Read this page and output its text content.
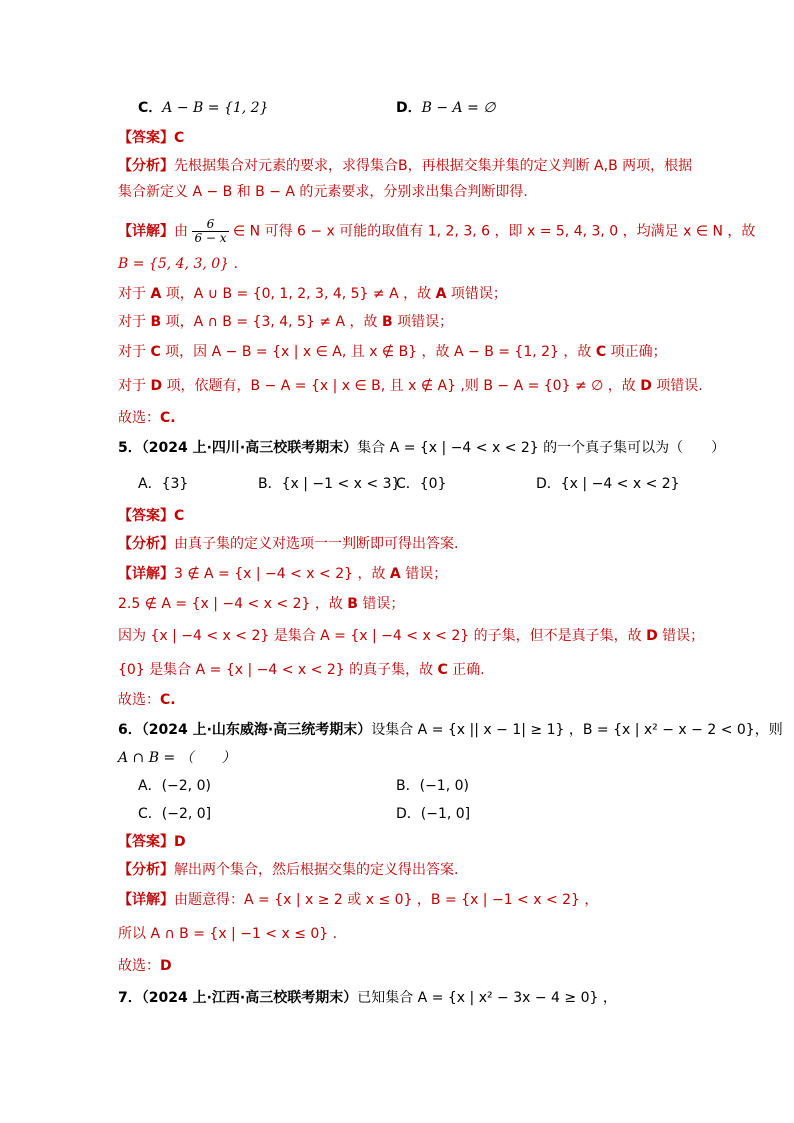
C．A − B = {1, 2}	D．B − A = ∅
【答案】C
【分析】先根据集合对元素的要求，求得集合B，再根据交集并集的定义判断 A,B 两项，根据
集合新定义 A − B 和 B − A 的元素要求，分别求出集合判断即得.
【详解】由 $\frac{6}{6 - x}$ ∈ N 可得 6 − x 可能的取值有 1, 2, 3, 6 ，即 x = 5, 4, 3, 0 ，均满足 x ∈ N ，故
B = {5, 4, 3, 0} .
对于 A 项，A ∪ B = {0, 1, 2, 3, 4, 5} ≠ A ，故 A 项错误；
对于 B 项，A ∩ B = {3, 4, 5} ≠ A ，故 B 项错误；
对于 C 项，因 A − B = {x | x ∈ A, 且 x ∉ B} ，故 A − B = {1, 2} ，故 C 项正确；
对于 D 项，依题有，B − A = {x | x ∈ B, 且 x ∉ A} ,则 B − A = {0} ≠ ∅ ，故 D 项错误.
故选：C.
5．（2024 上·四川·高三校联考期末）集合 A = {x | −4 < x < 2} 的一个真子集可以为（　　）
A．{3}	B．{x | −1 < x < 3}
C．{0}	D．{x | −4 < x < 2}
【答案】C
【分析】由真子集的定义对选项一一判断即可得出答案.
【详解】3 ∉ A = {x | −4 < x < 2} ，故 A 错误；
2.5 ∉ A = {x | −4 < x < 2} ，故 B 错误；
因为 {x | −4 < x < 2} 是集合 A = {x | −4 < x < 2} 的子集，但不是真子集，故 D 错误；
{0} 是集合 A = {x | −4 < x < 2} 的真子集，故 C 正确.
故选：C.
6．（2024 上·山东威海·高三统考期末）设集合 A = {x || x − 1| ≥ 1} ，B = {x | x² − x − 2 < 0}，则
A ∩ B = （　　）
A．(−2, 0)	B．(−1, 0)
C．(−2, 0]	D．(−1, 0]
【答案】D
【分析】解出两个集合，然后根据交集的定义得出答案.
【详解】由题意得：A = {x | x ≥ 2 或 x ≤ 0} ，B = {x | −1 < x < 2} ，
所以 A ∩ B = {x | −1 < x ≤ 0} .
故选：D
7．（2024 上·江西·高三校联考期末）已知集合 A = {x | x² − 3x − 4 ≥ 0} ，
